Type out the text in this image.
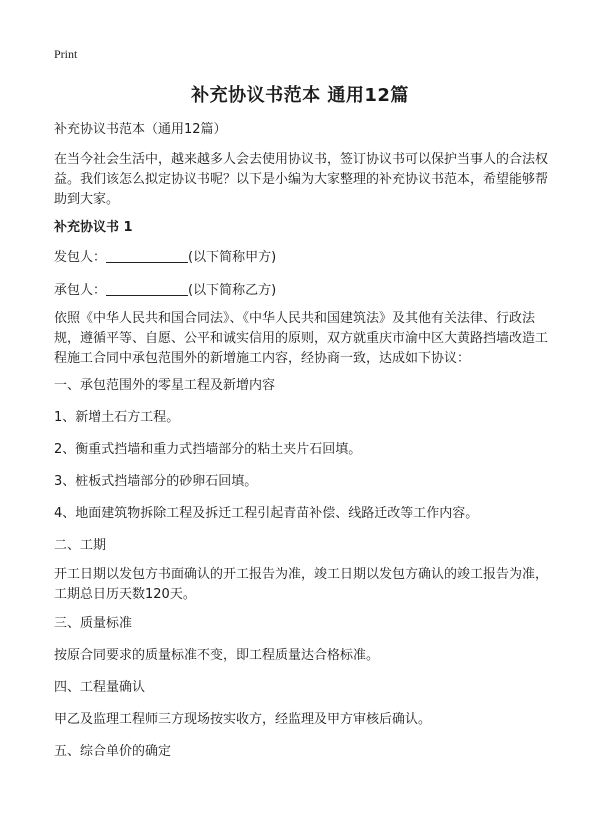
Print
补充协议书范本 通用12篇
补充协议书范本（通用12篇）
在当今社会生活中，越来越多人会去使用协议书，签订协议书可以保护当事人的合法权益。我们该怎么拟定协议书呢？以下是小编为大家整理的补充协议书范本，希望能够帮助到大家。
补充协议书 1
发包人：	(以下简称甲方)
承包人：	(以下简称乙方)
依照《中华人民共和国合同法》、《中华人民共和国建筑法》及其他有关法律、行政法规，遵循平等、自愿、公平和诚实信用的原则，双方就重庆市渝中区大黄路挡墙改造工程施工合同中承包范围外的新增施工内容，经协商一致，达成如下协议：
一、承包范围外的零星工程及新增内容
1、新增土石方工程。
2、衡重式挡墙和重力式挡墙部分的粘土夹片石回填。
3、桩板式挡墙部分的砂卵石回填。
4、地面建筑物拆除工程及拆迁工程引起青苗补偿、线路迁改等工作内容。
二、工期
开工日期以发包方书面确认的开工报告为准，竣工日期以发包方确认的竣工报告为准，工期总日历天数120天。
三、质量标准
按原合同要求的质量标准不变，即工程质量达合格标准。
四、工程量确认
甲乙及监理工程师三方现场按实收方，经监理及甲方审核后确认。
五、综合单价的确定
